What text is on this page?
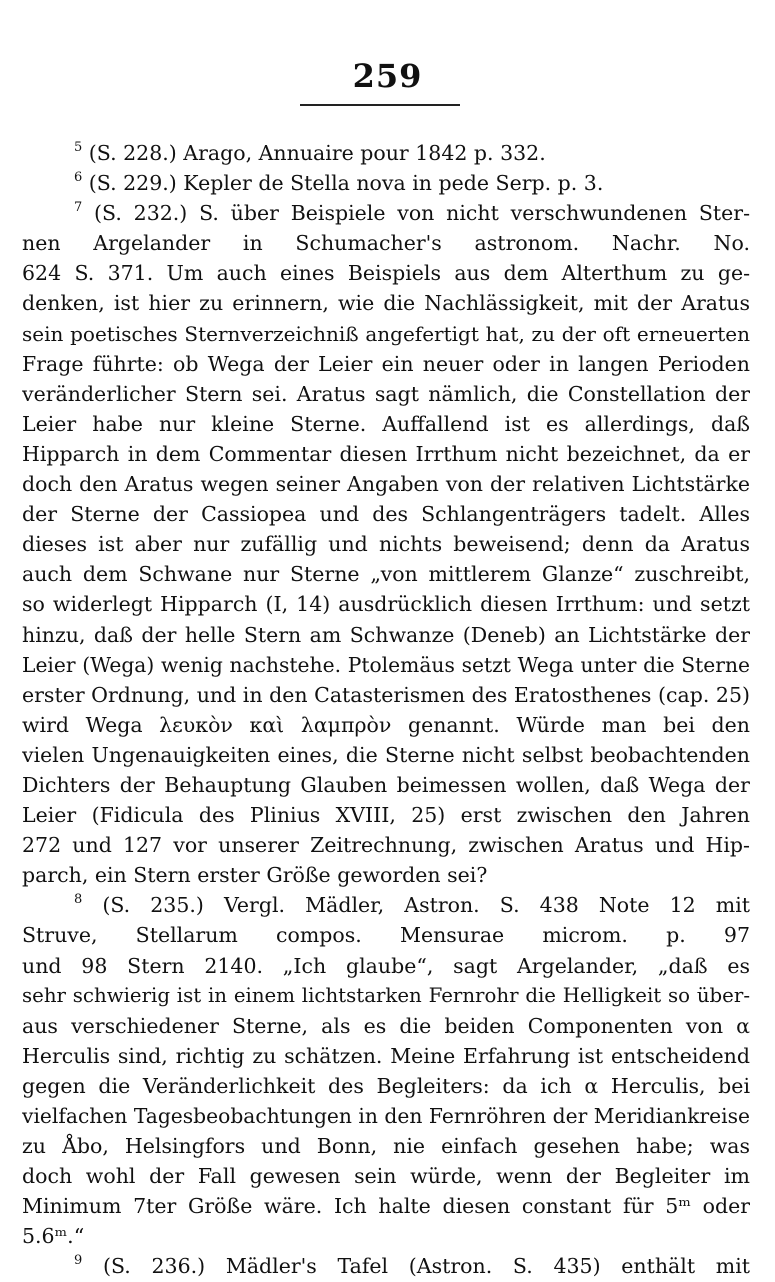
259
$^5$ (S. 228.) Arago, Annuaire pour 1842 p. 332.
$^6$ (S. 229.) Kepler de Stella nova in pede Serp. p. 3.
$^7$ (S. 232.) S. über Beispiele von nicht verschwundenen Ster-
nen Argelander in Schumacher's astronom. Nachr. No.
624 S. 371. Um auch eines Beispiels aus dem Alterthum zu ge-
denken, ist hier zu erinnern, wie die Nachlässigkeit, mit der Aratus
sein poetisches Sternverzeichniß angefertigt hat, zu der oft erneuerten
Frage führte: ob Wega der Leier ein neuer oder in langen Perioden
veränderlicher Stern sei. Aratus sagt nämlich, die Constellation der
Leier habe nur kleine Sterne. Auffallend ist es allerdings, daß
Hipparch in dem Commentar diesen Irrthum nicht bezeichnet, da er
doch den Aratus wegen seiner Angaben von der relativen Lichtstärke
der Sterne der Cassiopea und des Schlangenträgers tadelt. Alles
dieses ist aber nur zufällig und nichts beweisend; denn da Aratus
auch dem Schwane nur Sterne „von mittlerem Glanze“ zuschreibt,
so widerlegt Hipparch (I, 14) ausdrücklich diesen Irrthum: und setzt
hinzu, daß der helle Stern am Schwanze (Deneb) an Lichtstärke der
Leier (Wega) wenig nachstehe. Ptolemäus setzt Wega unter die Sterne
erster Ordnung, und in den Catasterismen des Eratosthenes (cap. 25)
wird Wega λευκὸν καὶ λαμπρὸν genannt. Würde man bei den
vielen Ungenauigkeiten eines, die Sterne nicht selbst beobachtenden
Dichters der Behauptung Glauben beimessen wollen, daß Wega der
Leier (Fidicula des Plinius XVIII, 25) erst zwischen den Jahren
272 und 127 vor unserer Zeitrechnung, zwischen Aratus und Hip-
parch, ein Stern erster Größe geworden sei?
$^8$ (S. 235.) Vergl. Mädler, Astron. S. 438 Note 12 mit
Struve, Stellarum compos. Mensurae microm. p. 97
und 98 Stern 2140. „Ich glaube“, sagt Argelander, „daß es
sehr schwierig ist in einem lichtstarken Fernrohr die Helligkeit so über-
aus verschiedener Sterne, als es die beiden Componenten von α
Herculis sind, richtig zu schätzen. Meine Erfahrung ist entscheidend
gegen die Veränderlichkeit des Begleiters: da ich α Herculis, bei
vielfachen Tagesbeobachtungen in den Fernröhren der Meridiankreise
zu Åbo, Helsingfors und Bonn, nie einfach gesehen habe; was
doch wohl der Fall gewesen sein würde, wenn der Begleiter im
Minimum 7ter Größe wäre. Ich halte diesen constant für 5ᵐ oder
5.6ᵐ.“
$^9$ (S. 236.) Mädler's Tafel (Astron. S. 435) enthält mit
